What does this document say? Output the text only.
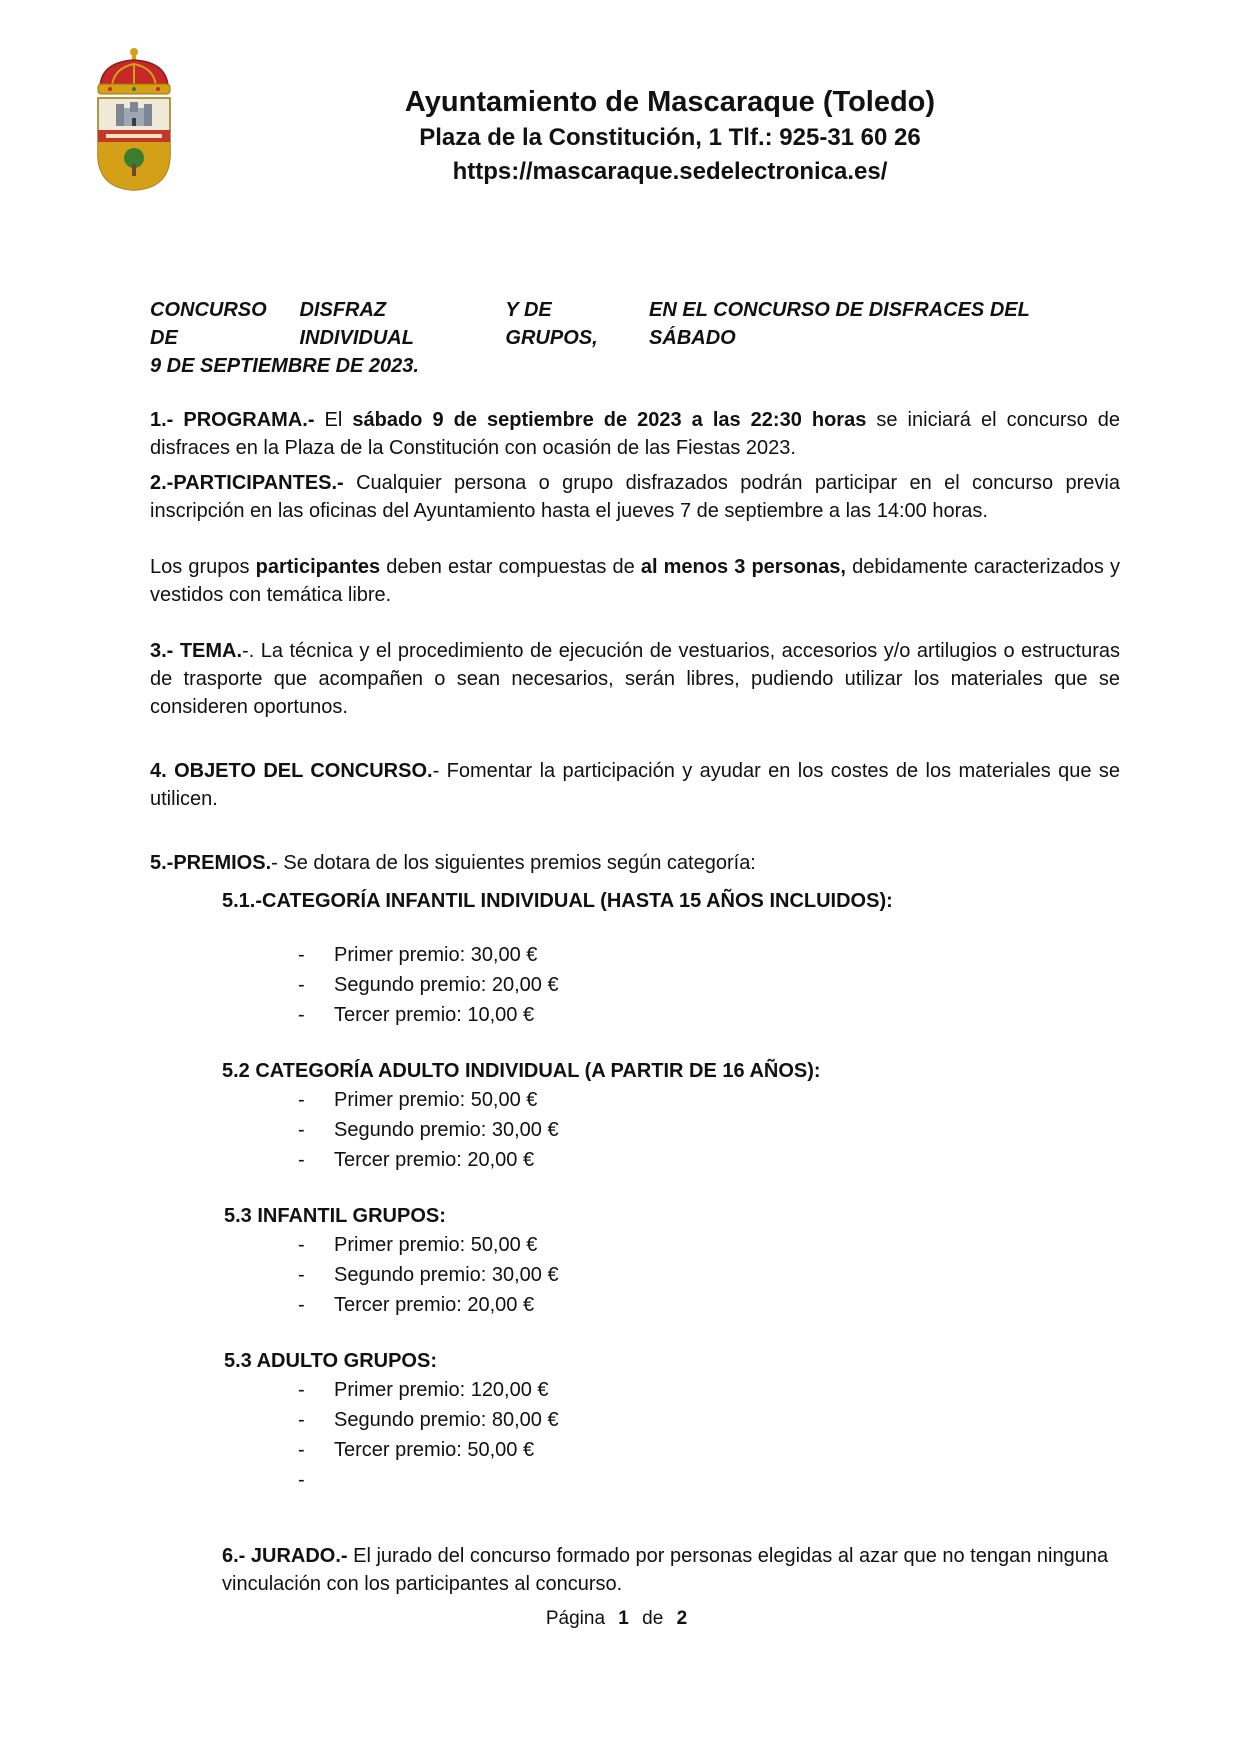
Ayuntamiento de Mascaraque (Toledo)
Plaza de la Constitución, 1 Tlf.: 925-31 60 26
https://mascaraque.sedelectronica.es/
CONCURSO DE
DISFRAZ INDIVIDUAL
Y DE GRUPOS,
EN EL CONCURSO DE DISFRACES DEL SÁBADO
9 DE SEPTIEMBRE DE 2023.

1.- PROGRAMA.- El sábado 9 de septiembre de 2023 a las 22:30 horas se iniciará el concurso de disfraces en la Plaza de la Constitución con ocasión de las Fiestas 2023.

2.-PARTICIPANTES.- Cualquier persona o grupo disfrazados podrán participar en el concurso previa inscripción en las oficinas del Ayuntamiento hasta el jueves 7 de septiembre a las 14:00 horas.

Los grupos participantes deben estar compuestas de al menos 3 personas, debidamente caracterizados y vestidos con temática libre.

3.- TEMA.-. La técnica y el procedimiento de ejecución de vestuarios, accesorios y/o artilugios o estructuras de trasporte que acompañen o sean necesarios, serán libres, pudiendo utilizar los materiales que se consideren oportunos.

4. OBJETO DEL CONCURSO.- Fomentar la participación y ayudar en los costes de los materiales que se utilicen.

5.-PREMIOS.- Se dotara de los siguientes premios según categoría:

5.1.-CATEGORÍA INFANTIL INDIVIDUAL (HASTA 15 AÑOS INCLUIDOS):
- Primer premio: 30,00 €
- Segundo premio: 20,00 €
- Tercer premio: 10,00 €
5.2 CATEGORÍA ADULTO INDIVIDUAL (A PARTIR DE 16 AÑOS):
- Primer premio: 50,00 €
- Segundo premio: 30,00 €
- Tercer premio: 20,00 €
5.3 INFANTIL GRUPOS:
- Primer premio: 50,00 €
- Segundo premio: 30,00 €
- Tercer premio: 20,00 €
5.3 ADULTO GRUPOS:
- Primer premio: 120,00 €
- Segundo premio: 80,00 €
- Tercer premio: 50,00 €
-

6.- JURADO.- El jurado del concurso formado por personas elegidas al azar que no tengan ninguna vinculación con los participantes al concurso.

Página 1 de 2
